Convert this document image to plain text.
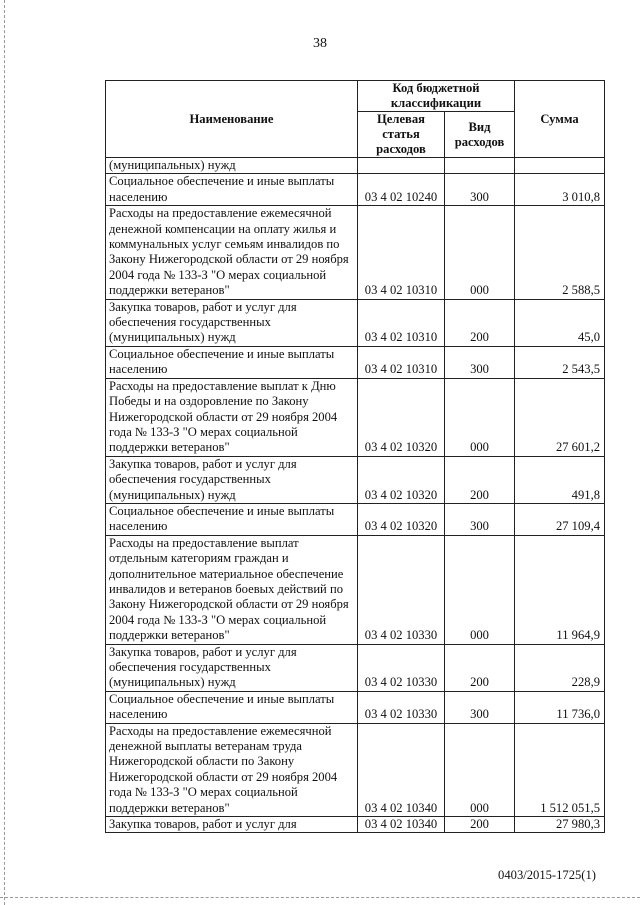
38
Наименование	Код бюджетной классификации		Сумма
	Целевая статья расходов	Вид расходов	
(муниципальных) нужд			
Социальное обеспечение и иные выплаты населению	03 4 02 10240	300	3 010,8
Расходы на предоставление ежемесячной денежной компенсации на оплату жилья и коммунальных услуг семьям инвалидов по Закону Нижегородской области от 29 ноября 2004 года № 133-З "О мерах социальной поддержки ветеранов"	03 4 02 10310	000	2 588,5
Закупка товаров, работ и услуг для обеспечения государственных (муниципальных) нужд	03 4 02 10310	200	45,0
Социальное обеспечение и иные выплаты населению	03 4 02 10310	300	2 543,5
Расходы на предоставление выплат к Дню Победы и на оздоровление по Закону Нижегородской области от 29 ноября 2004 года № 133-З "О мерах социальной поддержки ветеранов"	03 4 02 10320	000	27 601,2
Закупка товаров, работ и услуг для обеспечения государственных (муниципальных) нужд	03 4 02 10320	200	491,8
Социальное обеспечение и иные выплаты населению	03 4 02 10320	300	27 109,4
Расходы на предоставление выплат отдельным категориям граждан и дополнительное материальное обеспечение инвалидов и ветеранов боевых действий по Закону Нижегородской области от 29 ноября 2004 года № 133-З "О мерах социальной поддержки ветеранов"	03 4 02 10330	000	11 964,9
Закупка товаров, работ и услуг для обеспечения государственных (муниципальных) нужд	03 4 02 10330	200	228,9
Социальное обеспечение и иные выплаты населению	03 4 02 10330	300	11 736,0
Расходы на предоставление ежемесячной денежной выплаты ветеранам труда Нижегородской области по Закону Нижегородской области от 29 ноября 2004 года № 133-З "О мерах социальной поддержки ветеранов"	03 4 02 10340	000	1 512 051,5
Закупка товаров, работ и услуг для	03 4 02 10340	200	27 980,3
0403/2015-1725(1)
